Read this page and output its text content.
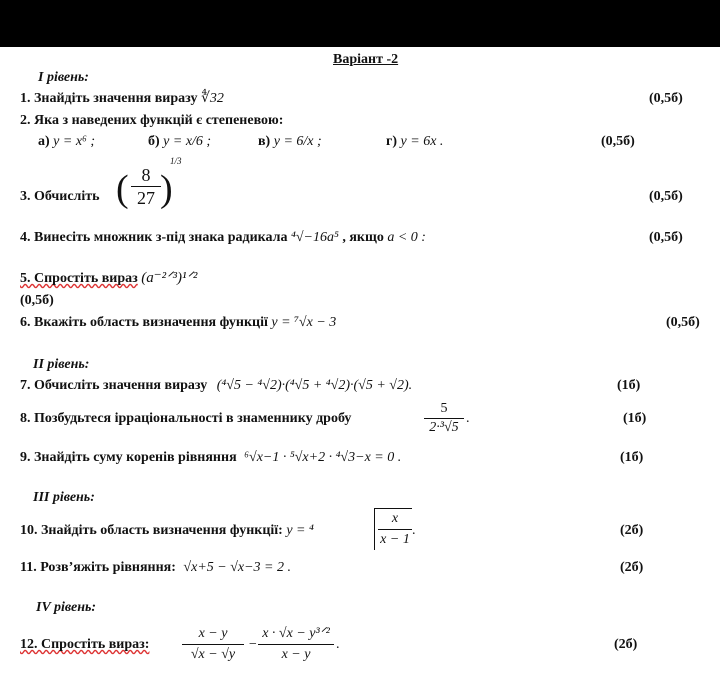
Варіант -2
I рівень:
1. Знайдіть значення виразу ∜32	(0,5б)
2. Яка з наведених функцій є степеневою:
а) y = x⁶ ;	б) y = x/6 ;	в) y = 6/x ;	г) y = 6x .	(0,5б)
3. Обчисліть ( 8
27 )
1/3
(0,5б)
4. Винесіть множник з-під знака радикала ⁴√−16a⁵ , якщо a < 0 :	(0,5б)
5. Спростіть вираз (a⁻²ᐟ³)¹ᐟ²
(0,5б)
6. Вкажіть область визначення функції y = ⁷√x − 3	(0,5б)
II рівень:
7. Обчисліть значення виразу (⁴√5 − ⁴√2)·(⁴√5 + ⁴√2)·(√5 + √2).	(1б)
8. Позбудьтеся ірраціональності в знаменнику дробу
5
2·³√5
.	(1б)
9. Знайдіть суму коренів рівняння ⁶√x−1 · ⁵√x+2 · ⁴√3−x = 0 .	(1б)
III рівень:
10. Знайдіть область визначення функції: y = ⁴
x
x − 1
.	(2б)
11. Розв’яжіть рівняння: √x+5 − √x−3 = 2 .	(2б)
IV рівень:
12. Спростіть вираз:
x − y
√x − √y
−
x · √x − y³ᐟ²
x − y
.	(2б)
